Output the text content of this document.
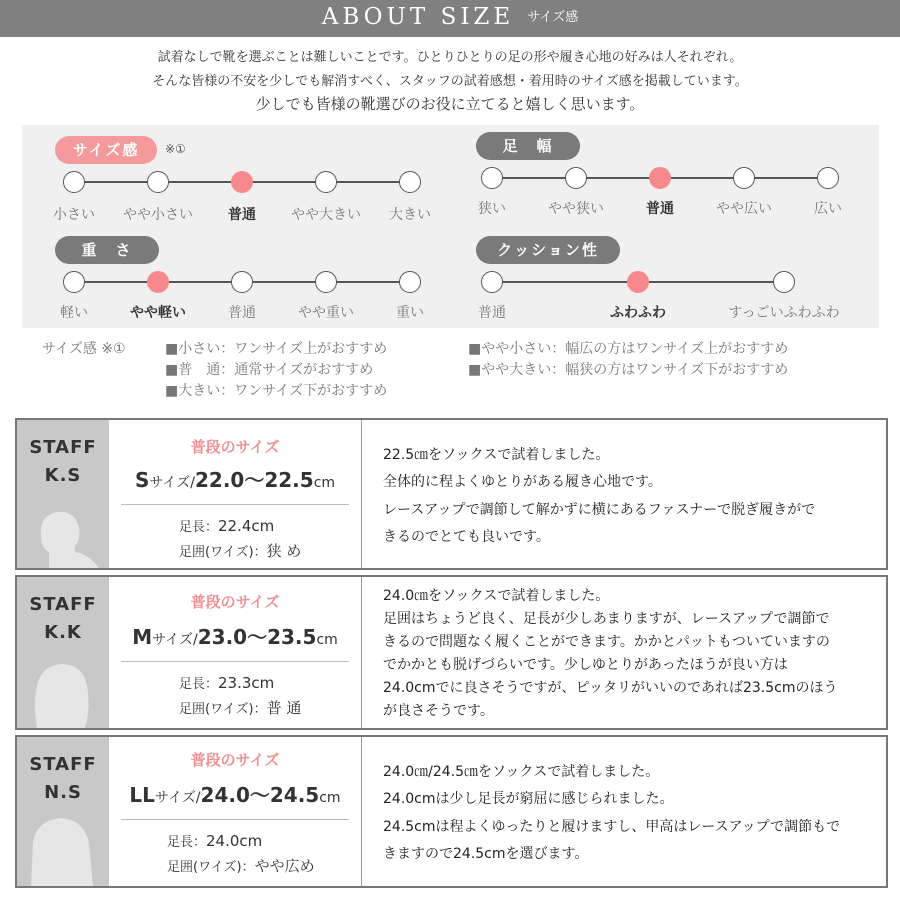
ABOUT SIZE サイズ感
試着なしで靴を選ぶことは難しいことです。ひとりひとりの足の形や履き心地の好みは人それぞれ。
そんな皆様の不安を少しでも解消すべく、スタッフの試着感想・着用時のサイズ感を掲載しています。
少しでも皆様の靴選びのお役に立てると嬉しく思います。
サイズ感	※①
小さい	やや小さい	普通	やや大きい	大きい
足　幅
狭い	やや狭い	普通	やや広い	広い
重　さ
軽い	やや軽い	普通	やや重い	重い
クッション性
普通	ふわふわ	すっごいふわふわ
サイズ感 ※①	■小さい：ワンサイズ上がおすすめ
■普　通：通常サイズがおすすめ
■大きい：ワンサイズ下がおすすめ
■やや小さい：幅広の方はワンサイズ上がおすすめ
■やや大きい：幅狭の方はワンサイズ下がおすすめ
STAFF
K.S
普段のサイズ
Sサイズ/22.0〜22.5cm
足長：22.4cm
足囲(ワイズ)：狭 め
22.5㎝をソックスで試着しました。
全体的に程よくゆとりがある履き心地です。
レースアップで調節して解かずに横にあるファスナーで脱ぎ履きがで
きるのでとても良いです。
STAFF
K.K
普段のサイズ
Mサイズ/23.0〜23.5cm
足長：23.3cm
足囲(ワイズ)：普 通
24.0㎝をソックスで試着しました。
足囲はちょうど良く、足長が少しあまりますが、レースアップで調節で
きるので問題なく履くことができます。かかとパットもついていますの
でかかとも脱げづらいです。少しゆとりがあったほうが良い方は
24.0cmでに良さそうですが、ピッタリがいいのであれば23.5cmのほう
が良さそうです。
STAFF
N.S
普段のサイズ
LLサイズ/24.0〜24.5cm
足長：24.0cm
足囲(ワイズ)：やや広め
24.0㎝/24.5㎝をソックスで試着しました。
24.0cmは少し足長が窮屈に感じられました。
24.5cmは程よくゆったりと履けますし、甲高はレースアップで調節もで
きますので24.5cmを選びます。
